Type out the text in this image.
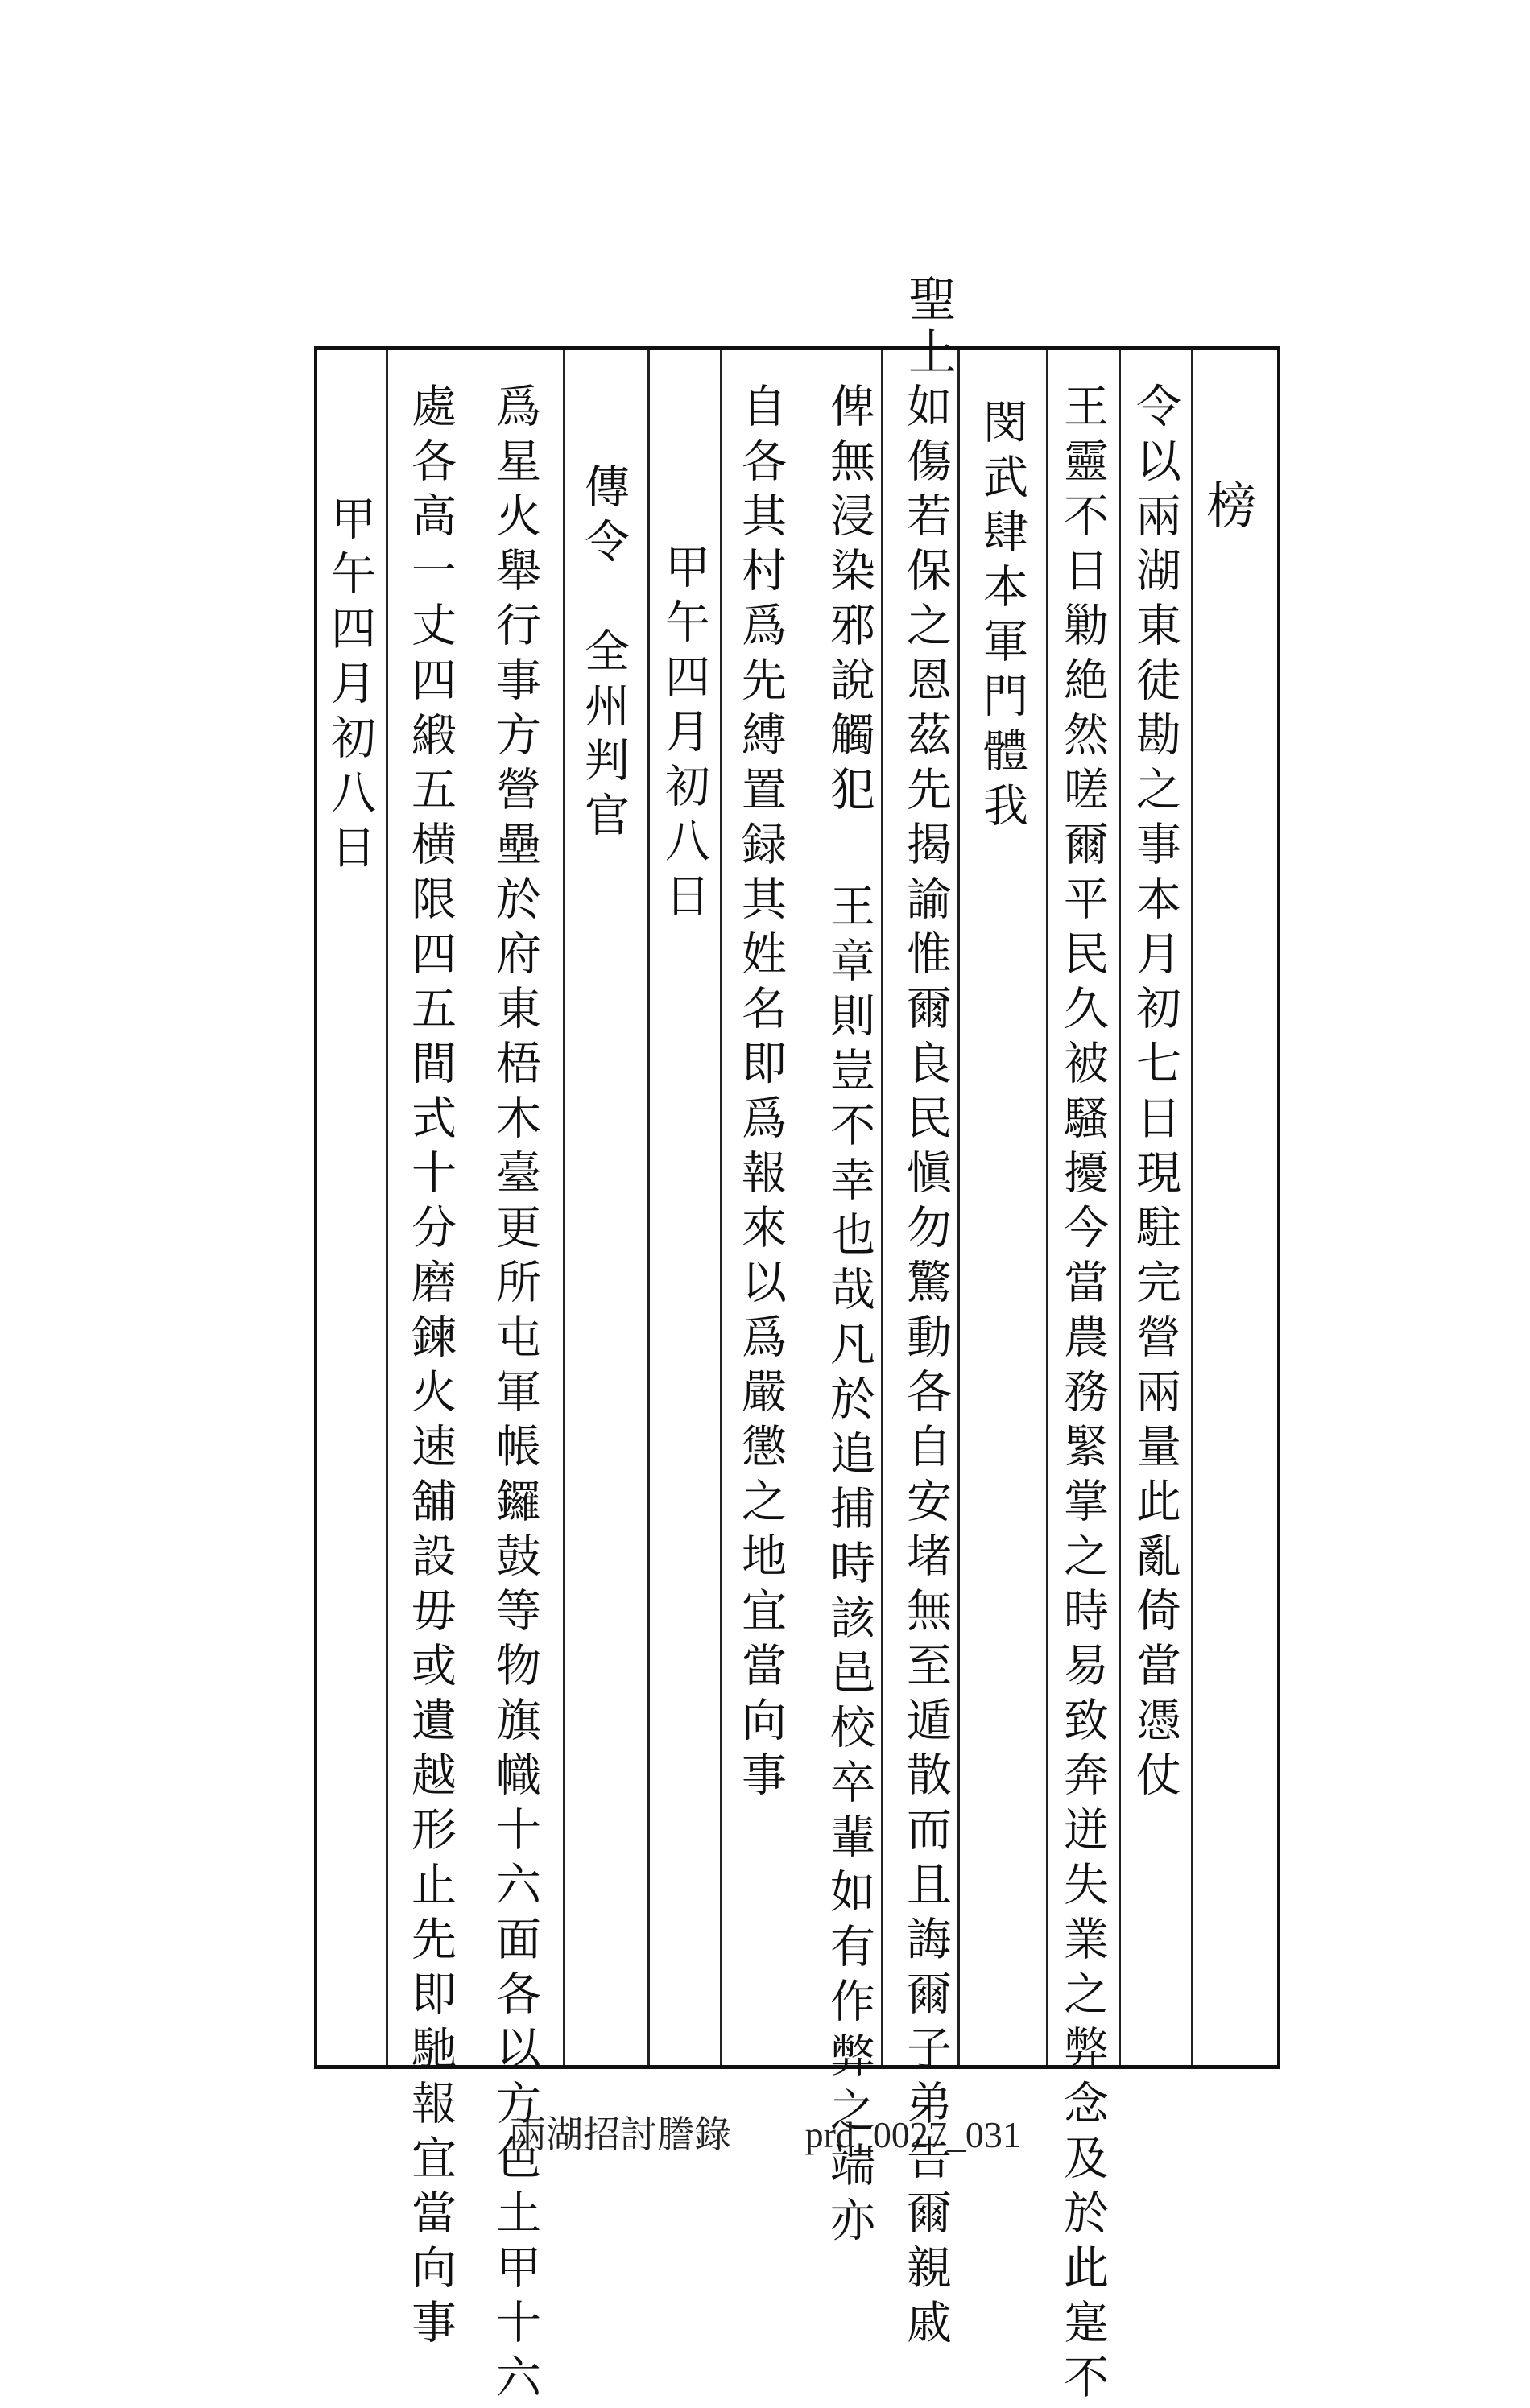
聖上
榜
令以兩湖東徒勘之事本月初七日現駐完營兩量此亂倚當憑仗
王靈不日勦絶然嗟爾平民久被騷擾今當農務緊掌之時易致奔迸失業之弊念及於此寔不
閔武肆本軍門體我
如傷若保之恩茲先揭諭惟爾良民愼勿驚動各自安堵無至遁散而且誨爾子弟告爾親戚
俾無浸染邪說觸犯 王章則豈不幸也哉凡於追捕時該邑校卒輩如有作弊之端亦
自各其村爲先縛置録其姓名即爲報來以爲嚴懲之地宜當向事
甲午四月初八日
傳令　全州判官
爲星火舉行事方營壘於府東梧木臺更所屯軍帳鑼鼓等物旗幟十六面各以方色土甲十六
處各高一丈四緞五横限四五間式十分磨鍊火速舖設毋或遺越形止先即馳報宜當向事
甲午四月初八日
兩湖招討謄錄 prd_0027_031
